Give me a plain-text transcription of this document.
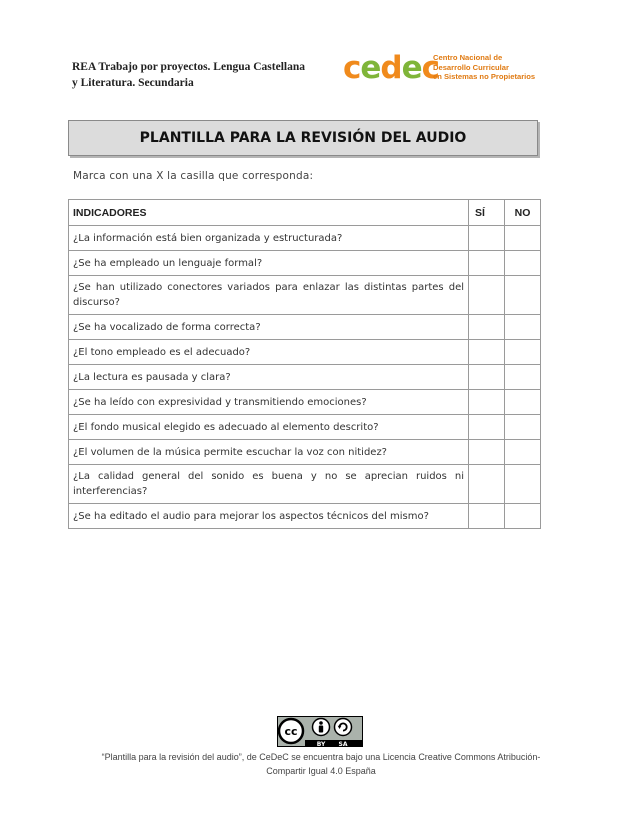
REA Trabajo por proyectos. Lengua Castellana
y Literatura. Secundaria	cedec
Centro Nacional de
Desarrollo Curricular
en Sistemas no Propietarios
PLANTILLA PARA LA REVISIÓN DEL AUDIO
Marca con una X la casilla que corresponda:
INDICADORES	SÍ	NO
¿La información está bien organizada y estructurada?		
¿Se ha empleado un lenguaje formal?		
¿Se han utilizado conectores variados para enlazar las distintas partes del discurso?		
¿Se ha vocalizado de forma correcta?		
¿El tono empleado es el adecuado?		
¿La lectura es pausada y clara?		
¿Se ha leído con expresividad y transmitiendo emociones?		
¿El fondo musical elegido es adecuado al elemento descrito?		
¿El volumen de la música permite escuchar la voz con nitidez?		
¿La calidad general del sonido es buena y no se aprecian ruidos ni interferencias?		
¿Se ha editado el audio para mejorar los aspectos técnicos del mismo?		
cc
BY SA
“Plantilla para la revisión del audio”, de CeDeC se encuentra bajo una Licencia Creative Commons Atribución-
Compartir Igual 4.0 España
